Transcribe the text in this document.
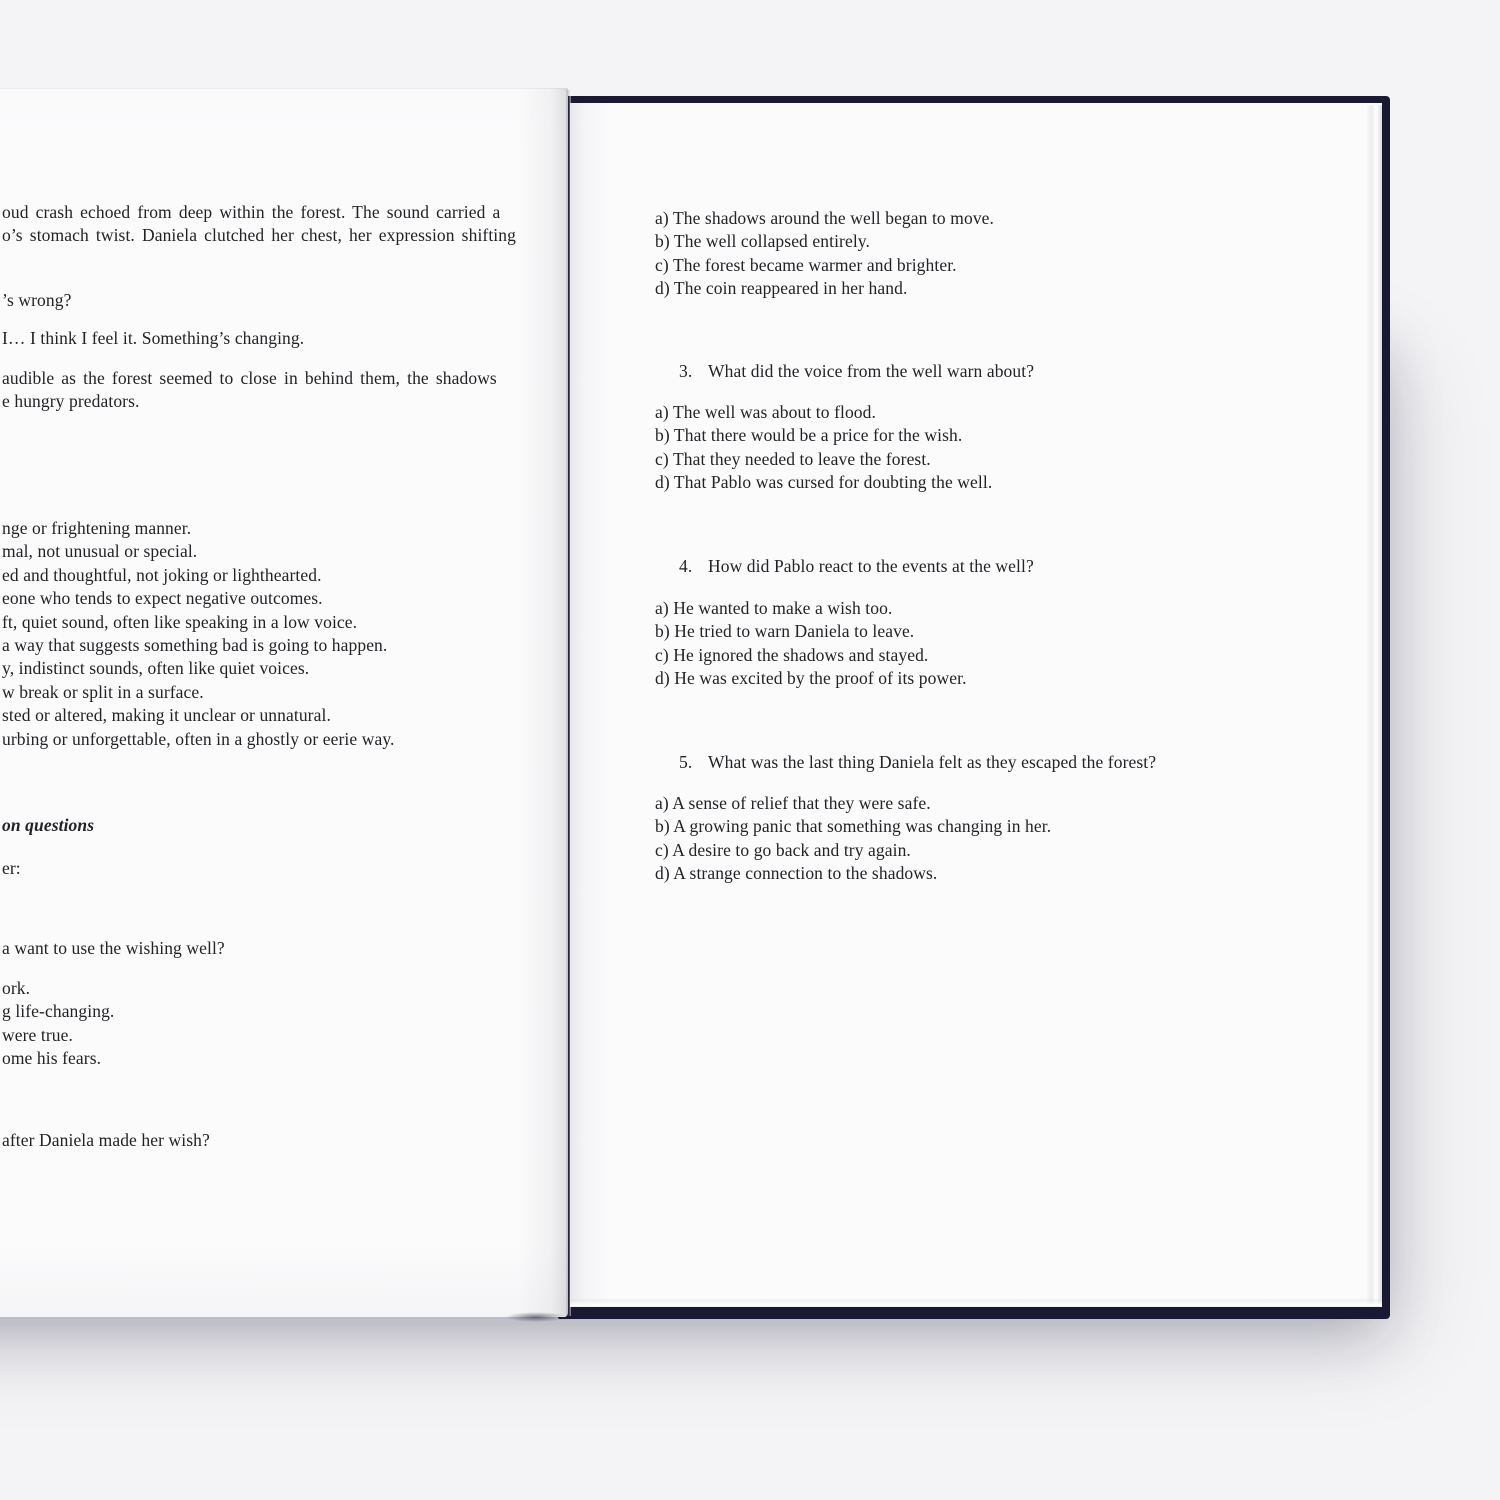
oud crash echoed from deep within the forest. The sound carried a
o’s stomach twist. Daniela clutched her chest, her expression shifting
’s wrong?
I… I think I feel it. Something’s changing.
audible as the forest seemed to close in behind them, the shadows
e hungry predators.
nge or frightening manner.
mal, not unusual or special.
ed and thoughtful, not joking or lighthearted.
eone who tends to expect negative outcomes.
ft, quiet sound, often like speaking in a low voice.
a way that suggests something bad is going to happen.
y, indistinct sounds, often like quiet voices.
w break or split in a surface.
sted or altered, making it unclear or unnatural.
urbing or unforgettable, often in a ghostly or eerie way.
on questions
er:
a want to use the wishing well?
ork.
g life-changing.
were true.
ome his fears.
after Daniela made her wish?
a) The shadows around the well began to move.
b) The well collapsed entirely.
c) The forest became warmer and brighter.
d) The coin reappeared in her hand.
3. What did the voice from the well warn about?
a) The well was about to flood.
b) That there would be a price for the wish.
c) That they needed to leave the forest.
d) That Pablo was cursed for doubting the well.
4. How did Pablo react to the events at the well?
a) He wanted to make a wish too.
b) He tried to warn Daniela to leave.
c) He ignored the shadows and stayed.
d) He was excited by the proof of its power.
5. What was the last thing Daniela felt as they escaped the forest?
a) A sense of relief that they were safe.
b) A growing panic that something was changing in her.
c) A desire to go back and try again.
d) A strange connection to the shadows.
